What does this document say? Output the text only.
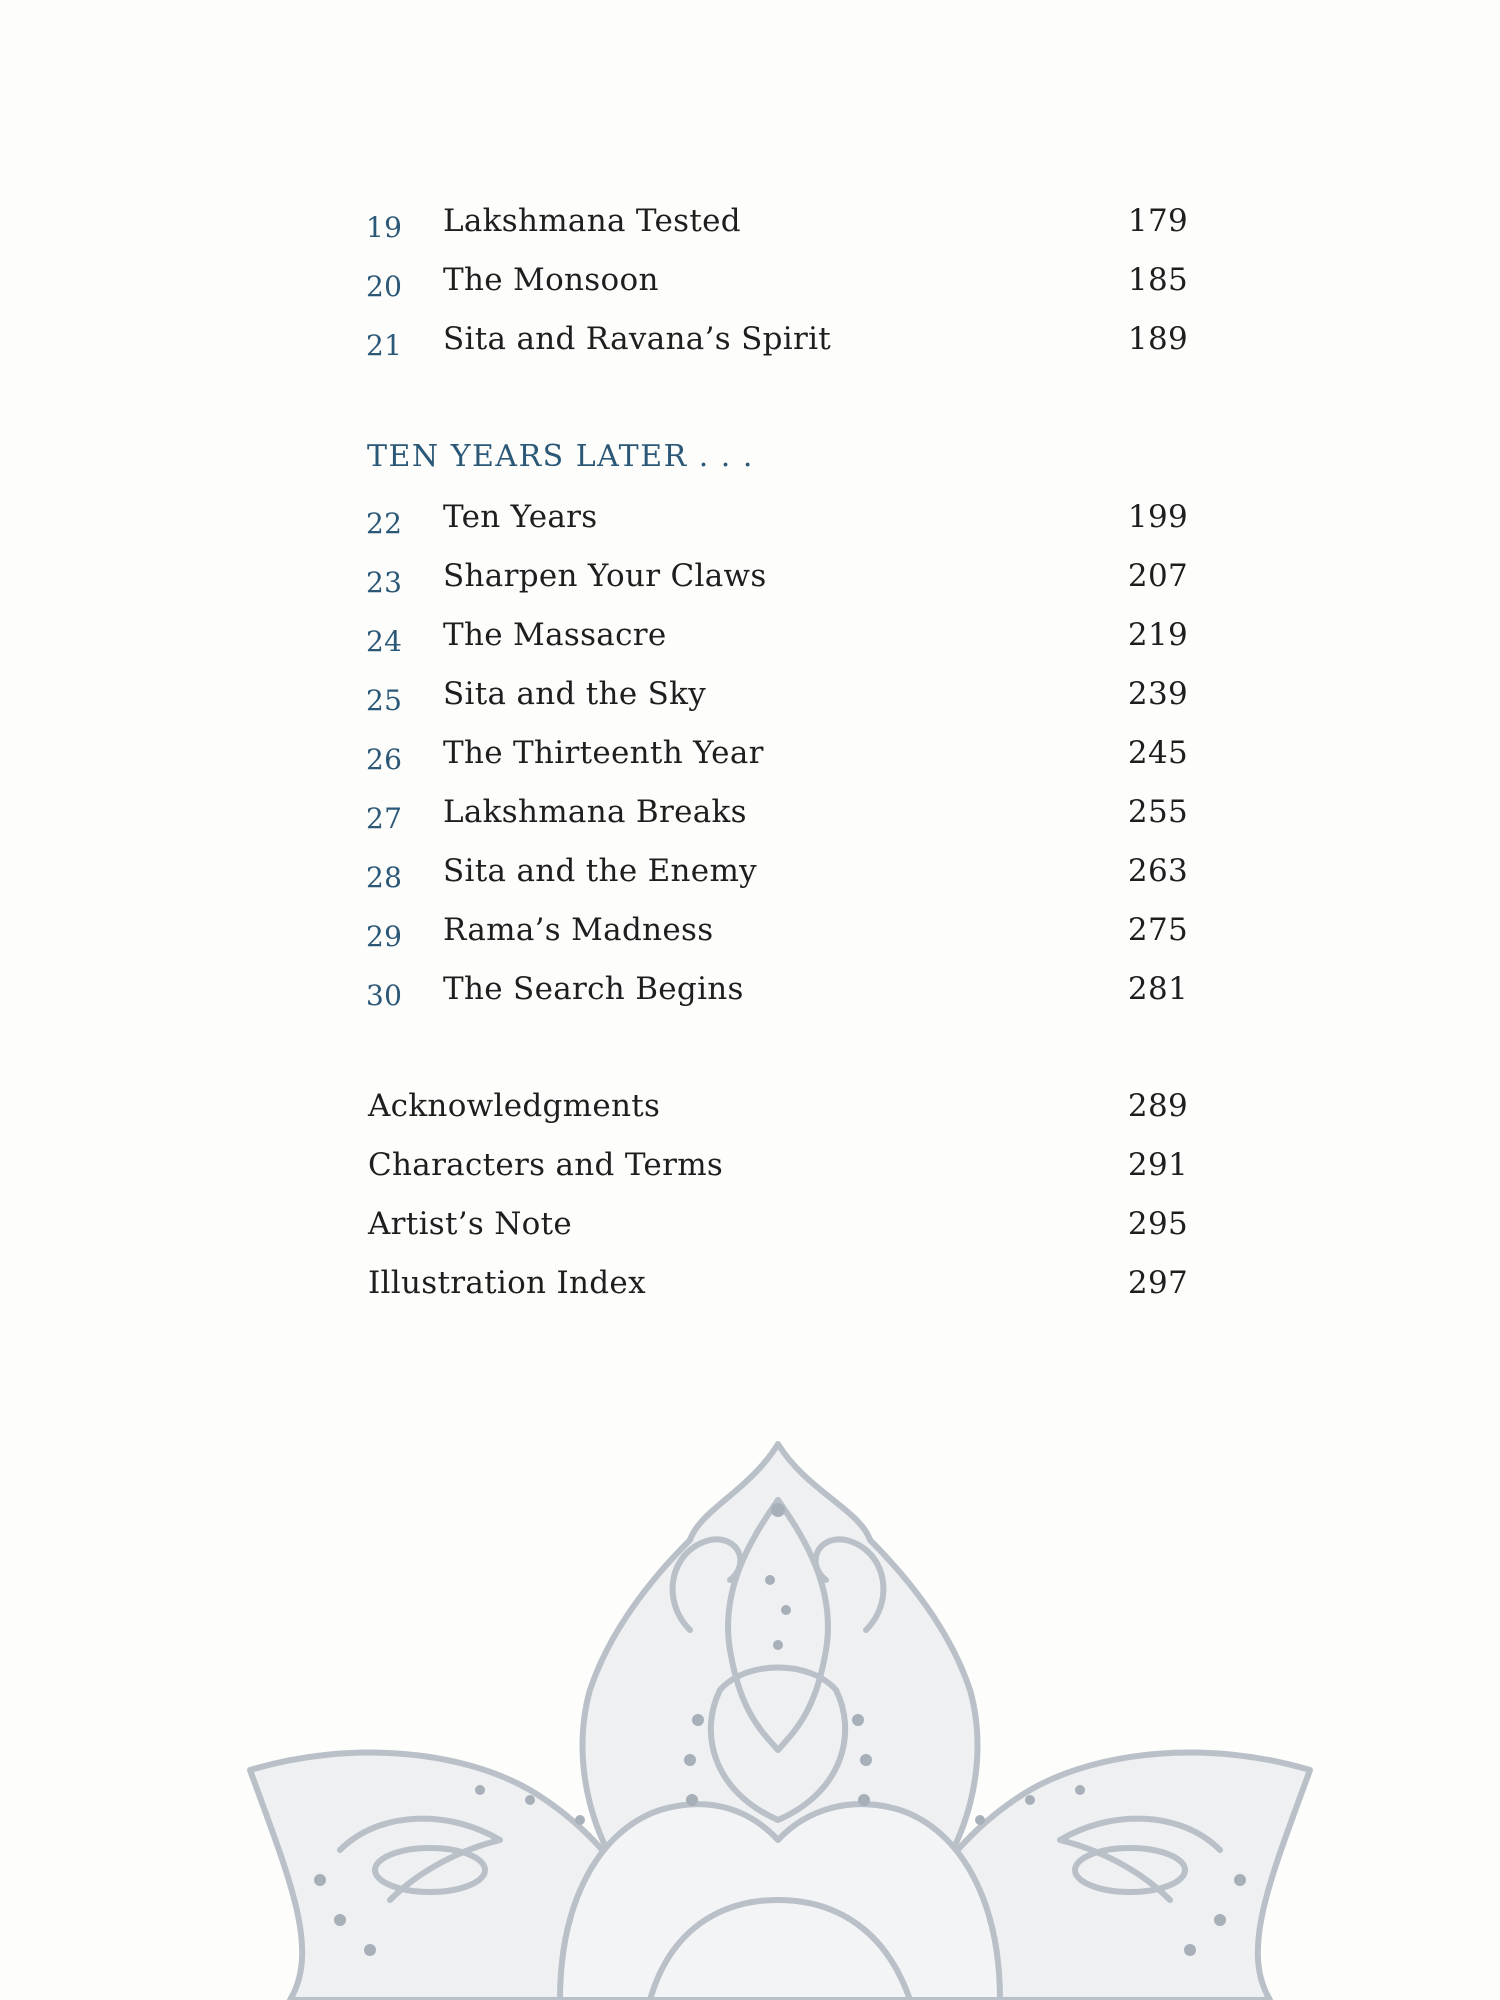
19 Lakshmana Tested	179
20 The Monsoon	185
21 Sita and Ravana’s Spirit	189
TEN YEARS LATER . . .
22 Ten Years	199
23 Sharpen Your Claws	207
24 The Massacre	219
25 Sita and the Sky	239
26 The Thirteenth Year	245
27 Lakshmana Breaks	255
28 Sita and the Enemy	263
29 Rama’s Madness	275
30 The Search Begins	281
Acknowledgments	289
Characters and Terms	291
Artist’s Note	295
Illustration Index	297
